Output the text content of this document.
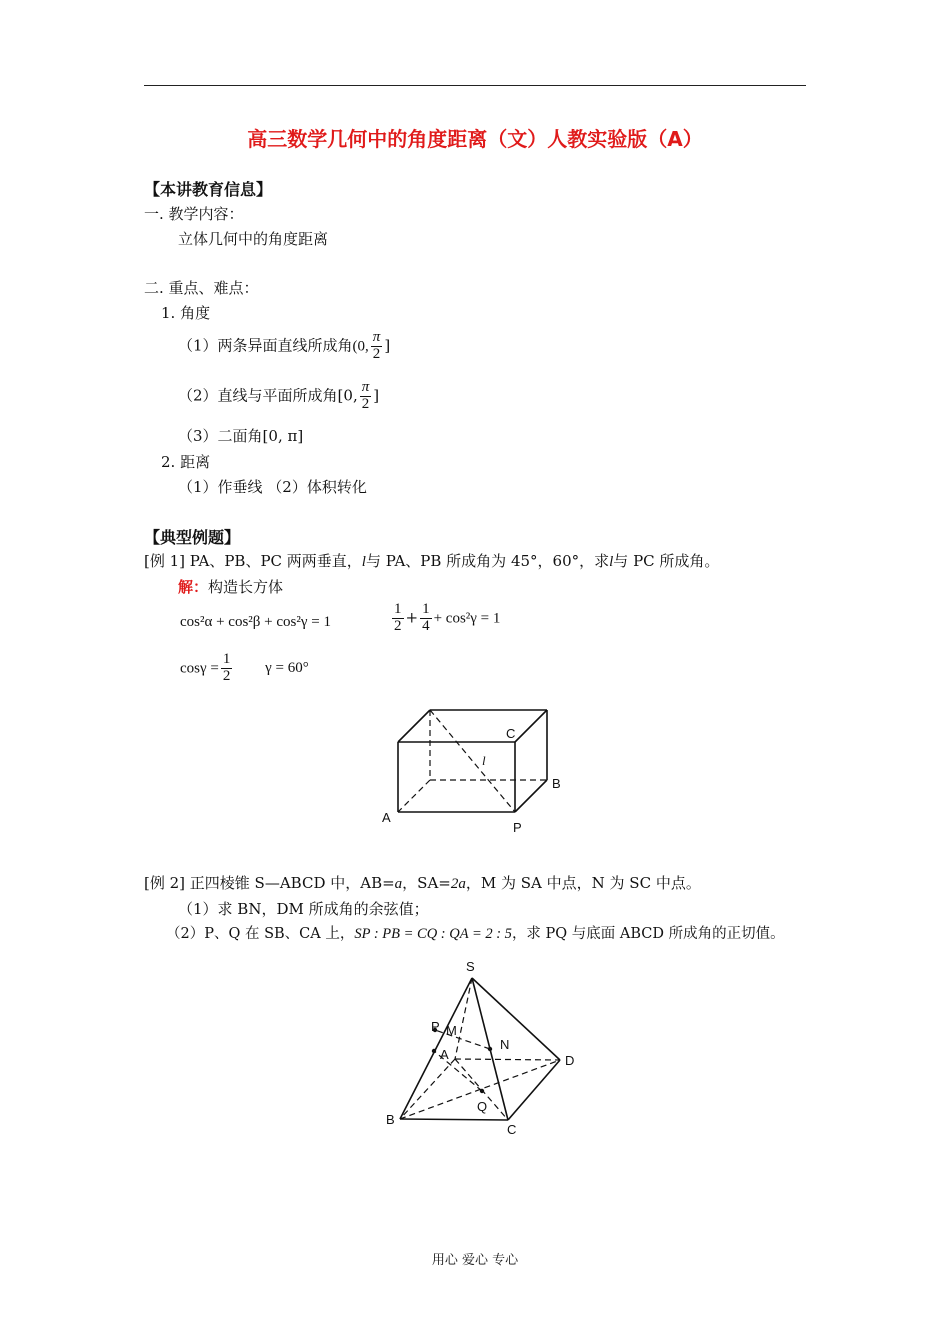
高三数学几何中的角度距离（文）人教实验版（A）
【本讲教育信息】
一. 教学内容：
立体几何中的角度距离
二. 重点、难点：
1. 角度
（1）两条异面直线所成角(0, $\frac{\pi}{2}$ ]
（2）直线与平面所成角[0, $\frac{\pi}{2}$ ]
（3）二面角[0, π]
2. 距离
（1）作垂线 （2）体积转化
【典型例题】
[例 1] PA、PB、PC 两两垂直，l与 PA、PB 所成角为 45°，60°，求l与 PC 所成角。
解：构造长方体
cos²α + cos²β + cos²γ = 1	$\frac{1}{2} + \frac{1}{4} + \cos^2\gamma = 1$
$\cos\gamma = \frac{1}{2}$ γ = 60°
C
B
A
P
l
[例 2] 正四棱锥 S—ABCD 中，AB=a，SA=2a，M 为 SA 中点，N 为 SC 中点。
（1）求 BN，DM 所成角的余弦值；
（2）P、Q 在 SB、CA 上，SP : PB = CQ : QA = 2 : 5，求 PQ 与底面 ABCD 所成角的正切值。
S
P M
N
A	D
Q
B
C
用心 爱心 专心
